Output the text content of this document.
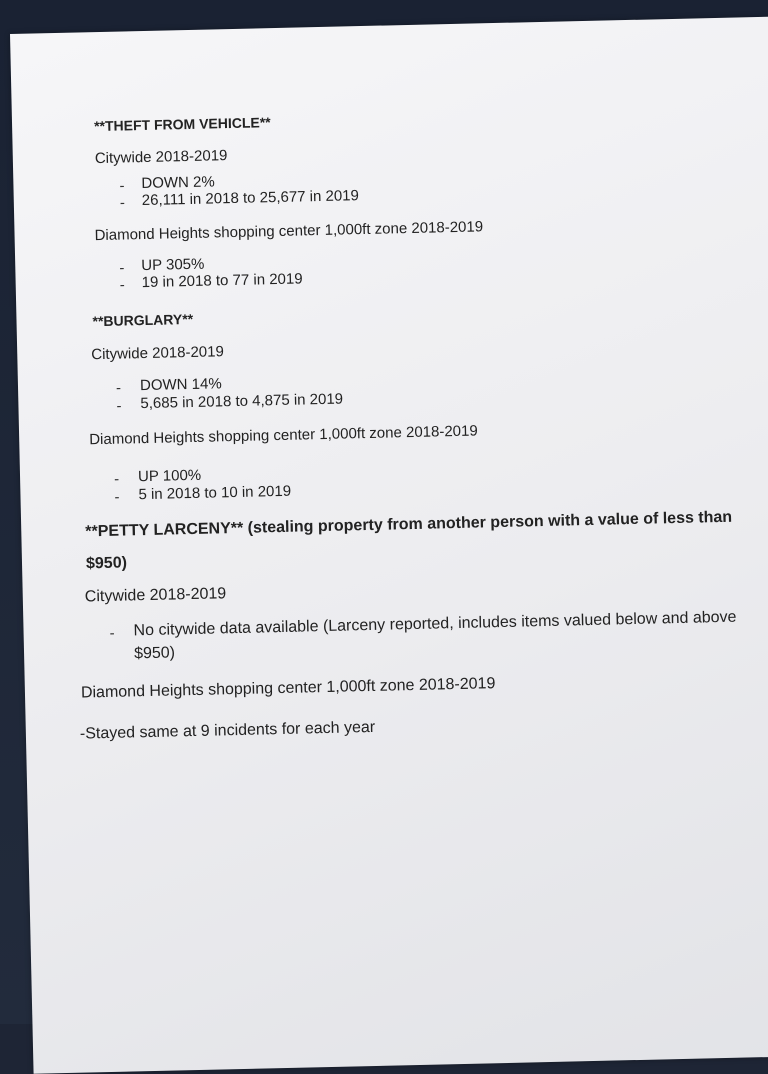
**THEFT FROM VEHICLE**
Citywide 2018-2019
- DOWN 2%
- 26,111 in 2018 to 25,677 in 2019
Diamond Heights shopping center 1,000ft zone 2018-2019
- UP 305%
- 19 in 2018 to 77 in 2019
**BURGLARY**
Citywide 2018-2019
- DOWN 14%
- 5,685 in 2018 to 4,875 in 2019
Diamond Heights shopping center 1,000ft zone 2018-2019
- UP 100%
- 5 in 2018 to 10 in 2019
**PETTY LARCENY** (stealing property from another person with a value of less than $950)
Citywide 2018-2019
- No citywide data available (Larceny reported, includes items valued below and above $950)
Diamond Heights shopping center 1,000ft zone 2018-2019
-Stayed same at 9 incidents for each year
